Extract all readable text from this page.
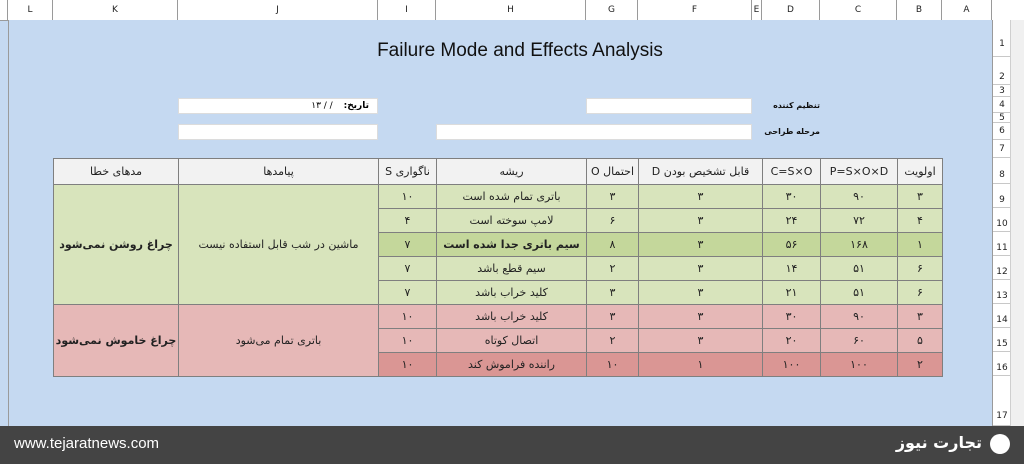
L	K	J	I	H	G	F	E	D	C	B	A
1
2
3
4
5
6
7
8
9
10
11
12
13
14
15
16
17
Failure Mode and Effects Analysis
تاریخ: / / ۱۳	تنظیم کننده
مرحله طراحی
مدهای خطا	پیامدها	ناگواری S	ریشه	احتمال O	قابل تشخیص بودن D	C=S×O	P=S×O×D	اولویت
چراغ روشن نمی‌شود	ماشین در شب قابل استفاده نیست	۱۰	باتری تمام شده است	۳	۳	۳۰	۹۰	۳
		۴	لامپ سوخته است	۶	۳	۲۴	۷۲	۴
		۷	سیم باتری جدا شده است	۸	۳	۵۶	۱۶۸	۱
		۷	سیم قطع باشد	۲	۳	۱۴	۵۱	۶
		۷	کلید خراب باشد	۳	۳	۲۱	۵۱	۶
چراغ خاموش نمی‌شود	باتری تمام می‌شود	۱۰	کلید خراب باشد	۳	۳	۳۰	۹۰	۳
		۱۰	اتصال کوتاه	۲	۳	۲۰	۶۰	۵
		۱۰	راننده فراموش کند	۱۰	۱	۱۰۰	۱۰۰	۲
www.tejaratnews.com	تجارت نیوز
